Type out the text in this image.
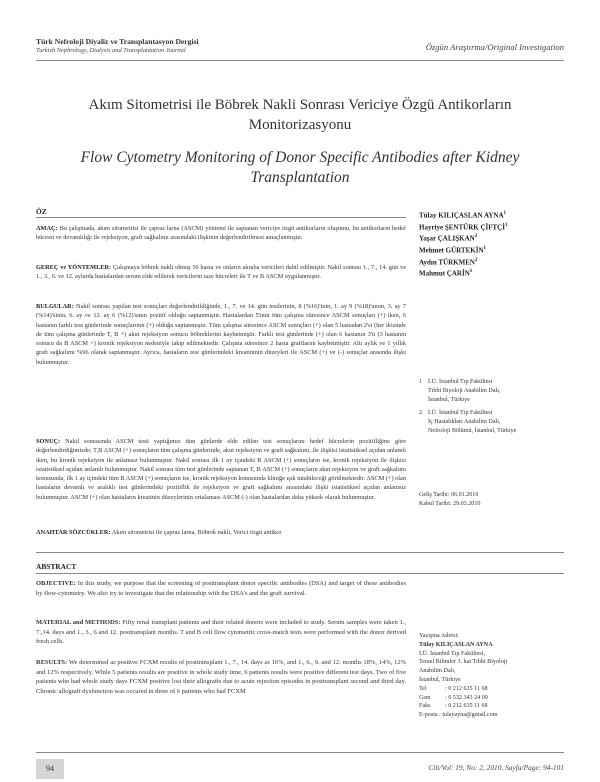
Türk Nefroloji Diyaliz ve Transplantasyon Dergisi
Turkish Nephrology, Dialysis and Transplantation Journal	Özgün Araştırma/Original Investigation
Akım Sitometrisi ile Böbrek Nakli Sonrası Vericiye Özgü Antikorların Monitorizasyonu
Flow Cytometry Monitoring of Donor Specific Antibodies after Kidney Transplantation
ÖZ

AMAÇ: Bu çalışmada, akım sitometrisi ile çapraz larna (ASCM) yöntemi ile saptanan vericiye özgü antikorların oluşumu, bu antikorların hedef hücresi ve devamlılığı ile rejeksiyon, graft sağkalımı arasındaki ilişkinin değerlendirilmesi amaçlanmıştır.

GEREÇ ve YÖNTEMLER: Çalışmaya böbrek nakli olmuş 50 hasta ve onların akraba vericileri dahil edilmiştir. Nakil sonrası 1., 7., 14. gün ve 1., 3., 6. ve 12. aylarda hastalardan serum elde edilerek vericilerin taze hücreleri ile T ve B ASCM uygulanmıştır.

BULGULAR: Nakil sonrası yapılan test sonuçları değerlendirildiğinde, 1., 7. ve 14. gün testlerinin, 8 (%16)'inin, 1. ay 9 (%18)'unun, 3. ay 7 (%14)'sinin, 6. ay ve 12. ay 6 (%12)'sının pozitif olduğu saptanmıştır. Hastalardan 5'inin tüm çalışma süresince ASCM sonuçları (+) iken, 6 hastanın farklı test günlerinde sonuçlarının (+) olduğu saptanmıştır. Tüm çalışma süresince ASCM sonuçları (+) olan 5 hastadan 2'si (her ikisinde de tüm çalışma günlerinde T, B +) akut rejeksiyon sonucu böbreklerini kaybetmiştir. Farklı test günlerinde (+) olan 6 hastanın 3'ü (3 hastanın sonucu da B ASCM +) kronik rejeksiyon nedeniyle takip edilmektedir. Çalışma süresince 2 hasta graftlarını kaybetmiştir. Altı aylık ve 1 yıllık graft sağkalımı %96 olarak saptanmıştır. Ayrıca, hastaların test günlerindeki kreatininin düzeyleri ile ASCM (+) ve (-) sonuçlar arasında ilişki bulunmuştur.

SONUÇ: Nakil sonrasında ASCM testi yaptığımız tüm günlerde elde edilen test sonuçlarını hedef hücrelerin pozitifliğine göre değerlendirdiğimizde; T,B ASCM (+) sonuçların tüm çalışma günlerinde, akut rejeksiyon ve graft sağkalımı, ile ilişkisi istatistiksel açıdan anlamlı iken, bu kronik rejeksiyon ile anlamsız bulunmuştur. Nakil sonrası ilk 1 ay içindeki B ASCM (+) sonuçların ise, kronik rejeksiyon ile ilişkisi istatistiksel açıdan anlamlı bulunmuştur. Nakil sonrası tüm test günlerinde saptanan T, B ASCM (+) sonuçların akut rejeksiyon ve graft sağkalımı konusunda, ilk 1 ay içindeki tüm B ASCM (+) sonuçların ise, kronik rejeksiyon konusunda kliniğe ışık tutabileceği görülmektedir. ASCM (+) olan hastaların devamlı ve aralıklı test günlerindeki pozitiflik ile rejeksiyon ve graft sağkalımı arasındaki ilişki istatistiksel açıdan anlamsız bulunmuştur. ASCM (+) olan hastaların kreatinin düzeylerinin ortalaması ASCM (-) olan hastalardan daha yüksek olarak bulunmuştur.

ANAHTAR SÖZCÜKLER: Akım sitometrisi ile çapraz larna, Böbrek nakli, Verici özgü antikor

ABSTRACT

OBJECTIVE: In this study, we purpose that the screening of posttransplant donor specific antibodies (DSA) and target of these antibodies by flow-cytometry. We also try to investigate that the relationship with the DSA's and the graft survival.

MATERIAL and METHODS: Fifty renal transplant patients and their related donors were included to study. Serum samples were taken 1., 7.,14. days and 1., 3., 6 and 12. posttransplant months. T and B cell flow cytometric cross-match tests were performed with the donor derived fresh cells.

RESULTS: We determined as positive FCXM results of posttransplant 1., 7., 14. days as 16%, and 1., 6., 9. and 12. months 18%, 14%, 12% and 12% respectively. While 5 patients results are positive in whole study time, 6 patients results were positive different test days. Two of five patients who had whole study days FCXM positive lost their allografts due to acute rejection episodes in posttransplant second and third day. Chronic allograft dysfunction was occured in three of 6 patients who had FCXM

Tülay KILIÇASLAN AYNA$^1$
Hayriye ŞENTÜRK ÇİFTÇİ$^1$
Yaşar ÇALIŞKAN$^2$
Mehmet GÜRTEKİN$^1$
Aydın TÜRKMEN$^2$
Mahmut ÇARİN$^1$
1 İ.Ü. İstanbul Tıp Fakültesi
Tıbbi Biyoloji Anabilim Dalı,
İstanbul, Türkiye
2 İ.Ü. İstanbul Tıp Fakültesi
İç Hastalıkları Anabilim Dalı,
Nefroloji Bölümü, İstanbul, Türkiye
Geliş Tarihi: 06.01.2010
Kabul Tarihi: 29.03.2010
Yazışma Adresi:
Tülay KILIÇASLAN AYNA
İ.Ü. İstanbul Tıp Fakültesi,
Temel Bilimler 3. kat Tıbbi Biyoloji
Anabilim Dalı,
İstanbul, Türkiye
Tel	: 0 212 635 11 68
Gsm : 0 532 343 24 09
Faks : 0 212 635 11 68
E-posta : tulayayna@gmail.com
94	Cilt/Vol: 19, No: 2, 2010, Sayfa/Page: 94-101
